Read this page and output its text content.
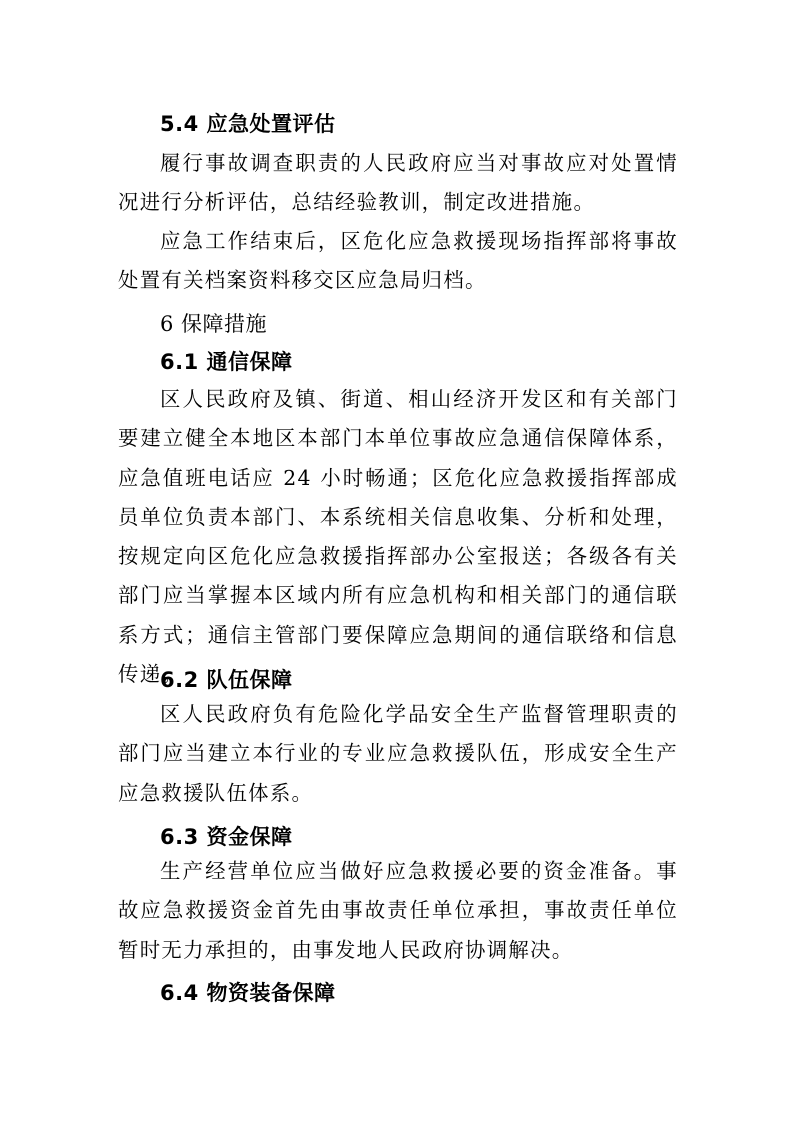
5.4 应急处置评估

履行事故调查职责的人民政府应当对事故应对处置情况进行分析评估，总结经验教训，制定改进措施。

应急工作结束后，区危化应急救援现场指挥部将事故处置有关档案资料移交区应急局归档。

6 保障措施
6.1 通信保障

区人民政府及镇、街道、相山经济开发区和有关部门要建立健全本地区本部门本单位事故应急通信保障体系，应急值班电话应 24 小时畅通；区危化应急救援指挥部成员单位负责本部门、本系统相关信息收集、分析和处理，按规定向区危化应急救援指挥部办公室报送；各级各有关部门应当掌握本区域内所有应急机构和相关部门的通信联系方式；通信主管部门要保障应急期间的通信联络和信息传递。

6.2 队伍保障

区人民政府负有危险化学品安全生产监督管理职责的部门应当建立本行业的专业应急救援队伍，形成安全生产应急救援队伍体系。

6.3 资金保障

生产经营单位应当做好应急救援必要的资金准备。事故应急救援资金首先由事故责任单位承担，事故责任单位暂时无力承担的，由事发地人民政府协调解决。

6.4 物资装备保障
